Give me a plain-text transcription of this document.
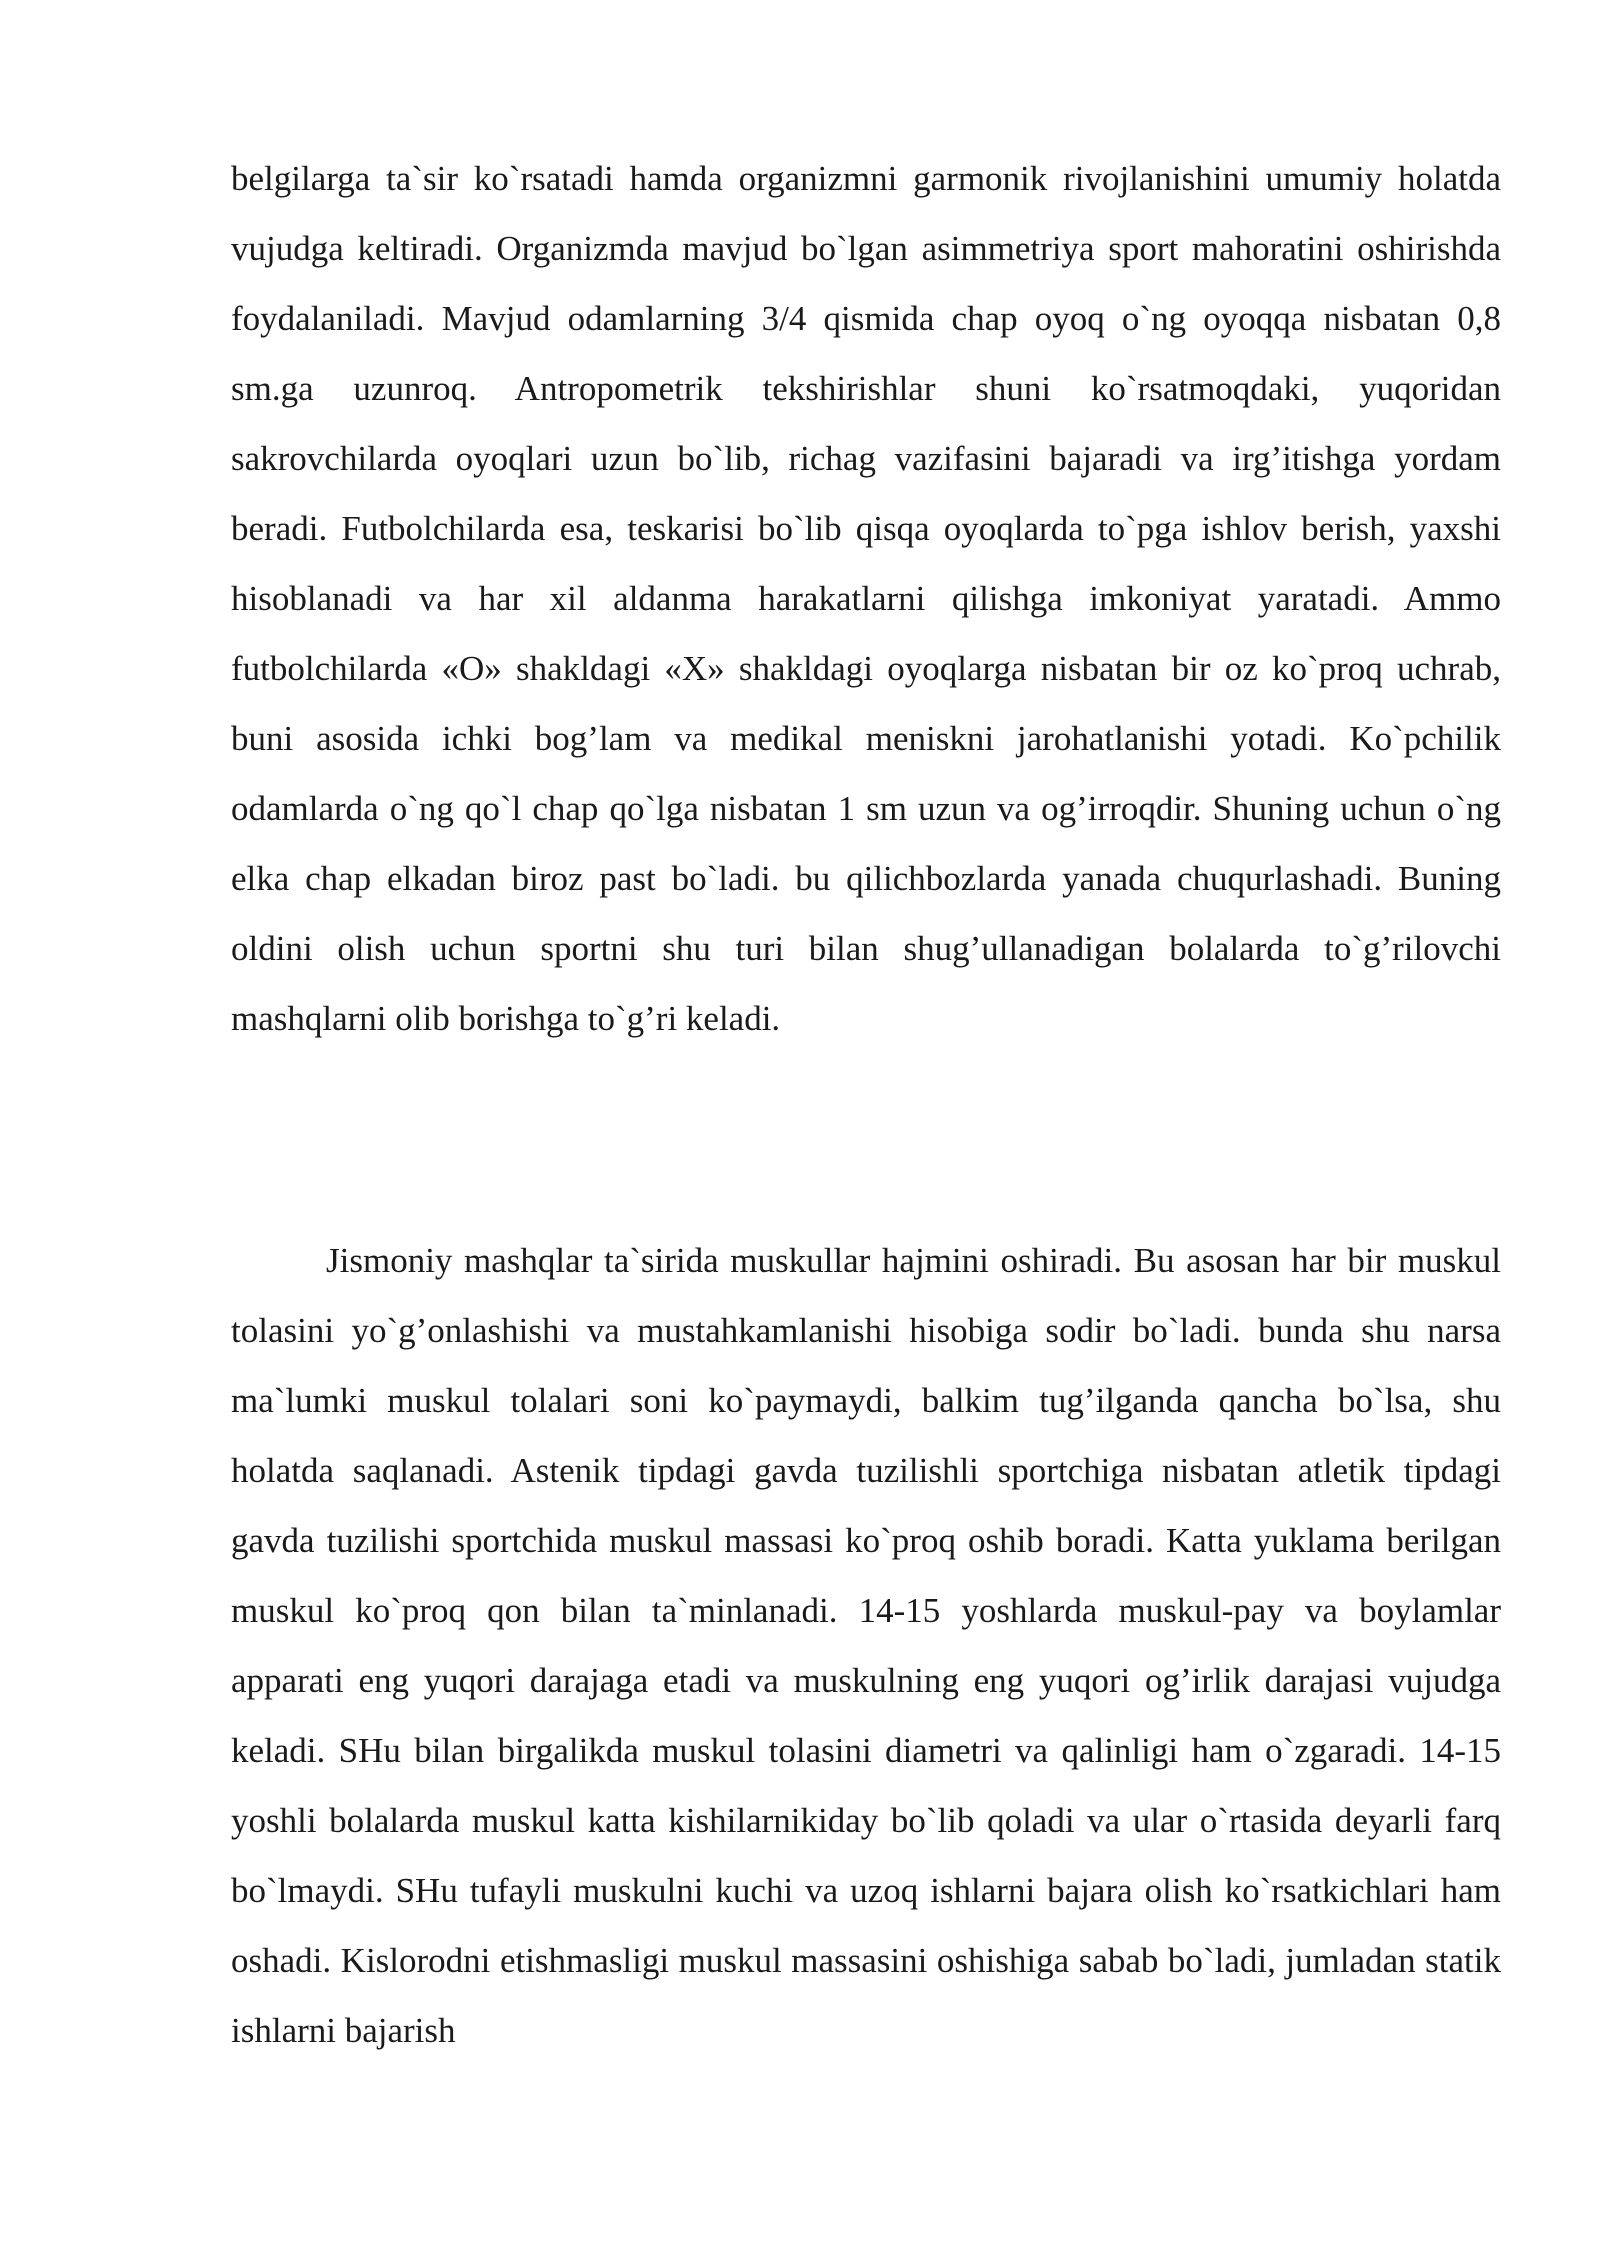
belgilarga ta`sir ko`rsatadi hamda organizmni garmonik rivojlanishini umumiy holatda vujudga keltiradi. Organizmda mavjud bo`lgan asimmetriya sport mahoratini oshirishda foydalaniladi. Mavjud odamlarning 3/4 qismida chap oyoq o`ng oyoqqa nisbatan 0,8 sm.ga uzunroq. Antropometrik tekshirishlar shuni ko`rsatmoqdaki, yuqoridan sakrovchilarda oyoqlari uzun bo`lib, richag vazifasini bajaradi va irg’itishga yordam beradi. Futbolchilarda esa, teskarisi bo`lib qisqa oyoqlarda to`pga ishlov berish, yaxshi hisoblanadi va har xil aldanma harakatlarni qilishga imkoniyat yaratadi. Ammo futbolchilarda «O» shakldagi «X» shakldagi oyoqlarga nisbatan bir oz ko`proq uchrab, buni asosida ichki bog’lam va medikal meniskni jarohatlanishi yotadi. Ko`pchilik odamlarda o`ng qo`l chap qo`lga nisbatan 1 sm uzun va og’irroqdir. Shuning uchun o`ng elka chap elkadan biroz past bo`ladi. bu qilichbozlarda yanada chuqurlashadi. Buning oldini olish uchun sportni shu turi bilan shug’ullanadigan bolalarda to`g’rilovchi mashqlarni olib borishga to`g’ri keladi.

Jismoniy mashqlar ta`sirida muskullar hajmini oshiradi. Bu asosan har bir muskul tolasini yo`g’onlashishi va mustahkamlanishi hisobiga sodir bo`ladi. bunda shu narsa ma`lumki muskul tolalari soni ko`paymaydi, balkim tug’ilganda qancha bo`lsa, shu holatda saqlanadi. Astenik tipdagi gavda tuzilishli sportchiga nisbatan atletik tipdagi gavda tuzilishi sportchida muskul massasi ko`proq oshib boradi. Katta yuklama berilgan muskul ko`proq qon bilan ta`minlanadi. 14-15 yoshlarda muskul-pay va boylamlar apparati eng yuqori darajaga etadi va muskulning eng yuqori og’irlik darajasi vujudga keladi. SHu bilan birgalikda muskul tolasini diametri va qalinligi ham o`zgaradi. 14-15 yoshli bolalarda muskul katta kishilarnikiday bo`lib qoladi va ular o`rtasida deyarli farq bo`lmaydi. SHu tufayli muskulni kuchi va uzoq ishlarni bajara olish ko`rsatkichlari ham oshadi. Kislorodni etishmasligi muskul massasini oshishiga sabab bo`ladi, jumladan statik ishlarni bajarish
